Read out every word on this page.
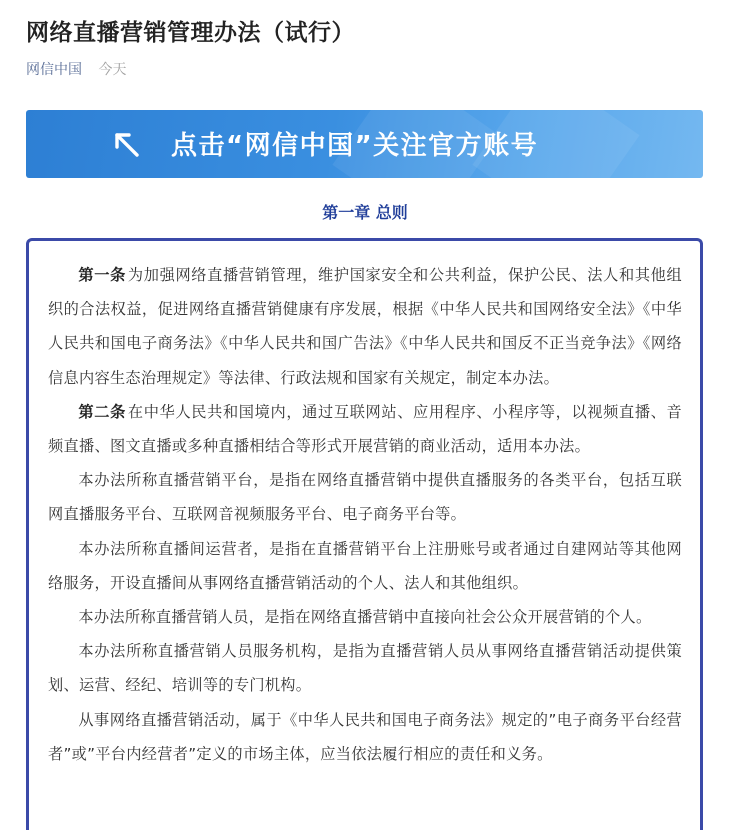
网络直播营销管理办法（试行）
网信中国 今天
点击“网信中国”关注官方账号
第一章 总则

第一条 为加强网络直播营销管理，维护国家安全和公共利益，保护公民、法人和其他组织的合法权益，促进网络直播营销健康有序发展，根据《中华人民共和国网络安全法》《中华人民共和国电子商务法》《中华人民共和国广告法》《中华人民共和国反不正当竞争法》《网络信息内容生态治理规定》等法律、行政法规和国家有关规定，制定本办法。

第二条 在中华人民共和国境内，通过互联网站、应用程序、小程序等，以视频直播、音频直播、图文直播或多种直播相结合等形式开展营销的商业活动，适用本办法。

本办法所称直播营销平台，是指在网络直播营销中提供直播服务的各类平台，包括互联网直播服务平台、互联网音视频服务平台、电子商务平台等。

本办法所称直播间运营者，是指在直播营销平台上注册账号或者通过自建网站等其他网络服务，开设直播间从事网络直播营销活动的个人、法人和其他组织。

本办法所称直播营销人员，是指在网络直播营销中直接向社会公众开展营销的个人。

本办法所称直播营销人员服务机构，是指为直播营销人员从事网络直播营销活动提供策划、运营、经纪、培训等的专门机构。

从事网络直播营销活动，属于《中华人民共和国电子商务法》规定的”电子商务平台经营者”或”平台内经营者”定义的市场主体，应当依法履行相应的责任和义务。
